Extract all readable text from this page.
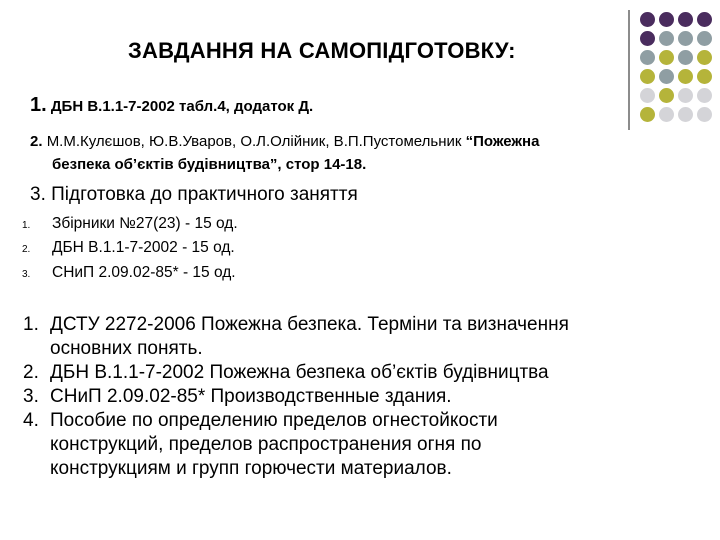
ЗАВДАННЯ НА САМОПІДГОТОВКУ:
1. ДБН В.1.1-7-2002 табл.4, додаток Д.
2. М.М.Кулєшов, Ю.В.Уваров, О.Л.Олійник, В.П.Пустомельник “Пожежна
безпека об’єктів будівництва”, стор 14-18.
3. Підготовка до практичного заняття
1. Збірники №27(23) - 15 од.
2. ДБН В.1.1-7-2002 - 15 од.
3. СНиП 2.09.02-85* - 15 од.
1. ДСТУ 2272-2006 Пожежна безпека. Терміни та визначення
основних понять.
2. ДБН В.1.1-7-2002 Пожежна безпека об’єктів будівництва
3. СНиП 2.09.02-85* Производственные здания.
4. Пособие по определению пределов огнестойкости
конструкций, пределов распространения огня по
конструкциям и групп горючести материалов.
